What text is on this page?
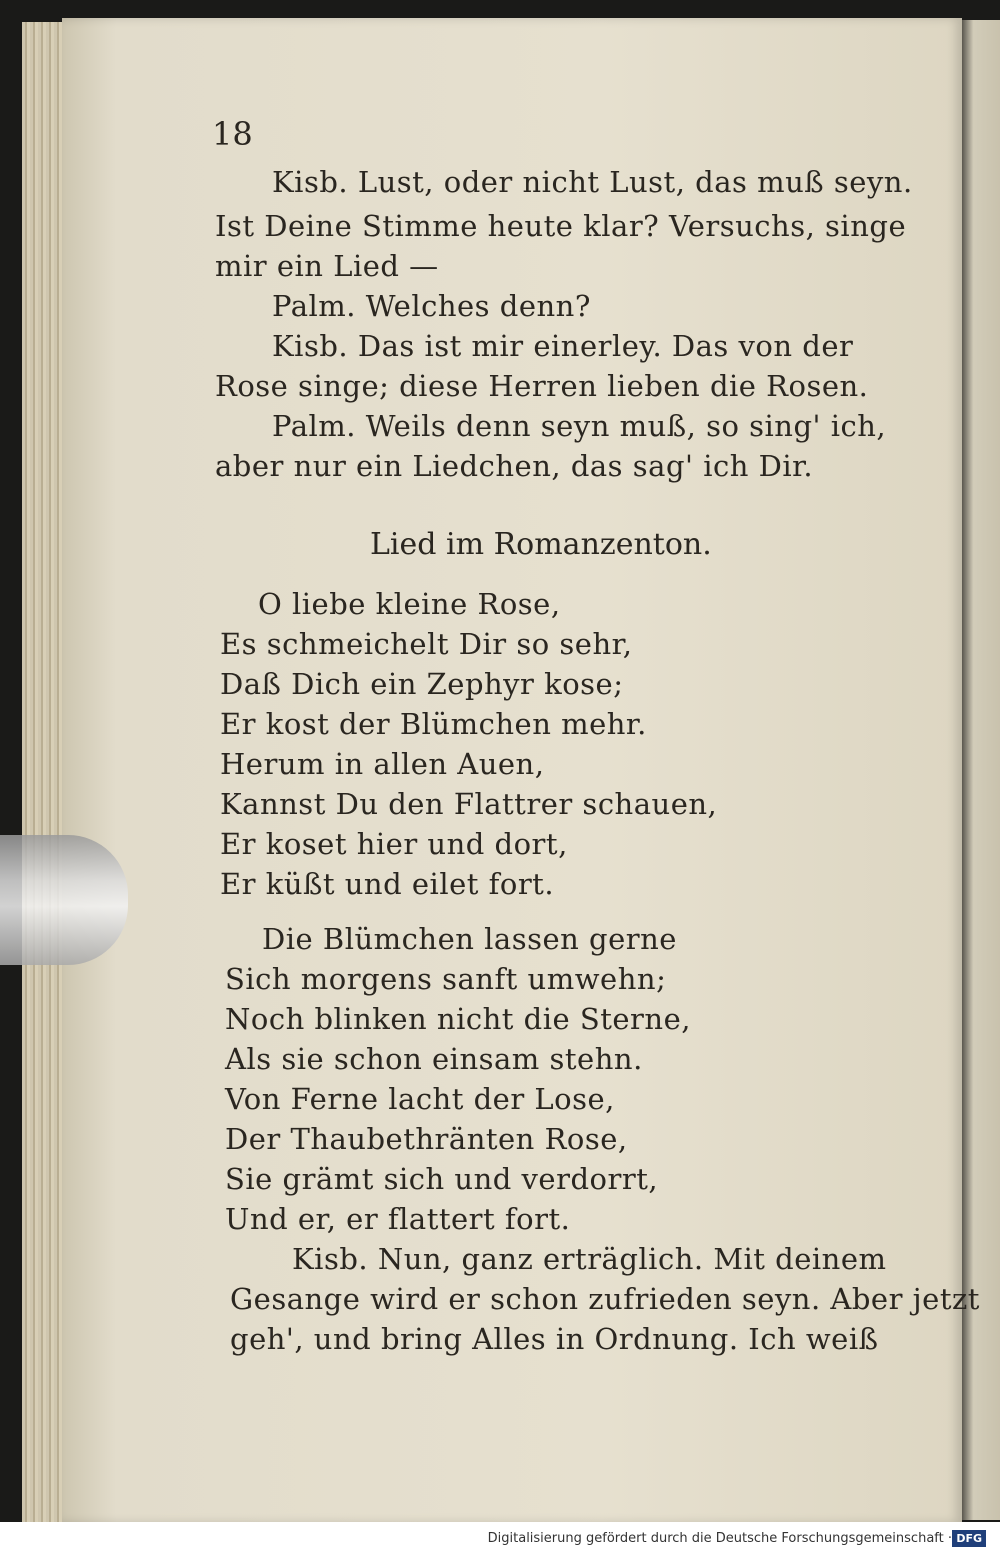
18
Kisb. Lust, oder nicht Lust, das muß seyn.
Ist Deine Stimme heute klar? Versuchs, singe
mir ein Lied —
Palm. Welches denn?
Kisb. Das ist mir einerley. Das von der
Rose singe; diese Herren lieben die Rosen.
Palm. Weils denn seyn muß, so sing' ich,
aber nur ein Liedchen, das sag' ich Dir.
Lied im Romanzenton.
O liebe kleine Rose,
Es schmeichelt Dir so sehr,
Daß Dich ein Zephyr kose;
Er kost der Blümchen mehr.
Herum in allen Auen,
Kannst Du den Flattrer schauen,
Er koset hier und dort,
Er küßt und eilet fort.
Die Blümchen lassen gerne
Sich morgens sanft umwehn;
Noch blinken nicht die Sterne,
Als sie schon einsam stehn.
Von Ferne lacht der Lose,
Der Thaubethränten Rose,
Sie grämt sich und verdorrt,
Und er, er flattert fort.
Kisb. Nun, ganz erträglich. Mit deinem
Gesange wird er schon zufrieden seyn. Aber jetzt
geh', und bring Alles in Ordnung. Ich weiß
Digitalisierung gefördert durch die Deutsche Forschungsgemeinschaft · DFG
